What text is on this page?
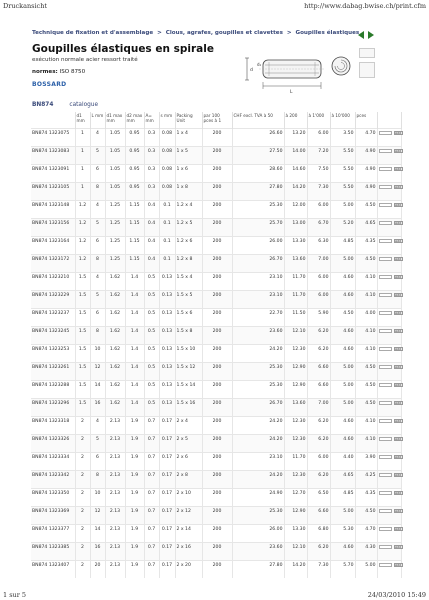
Druckansicht	http://www.dabag.bwise.ch/print.cfm
Technique de fixation et d'assemblage > Clous, agrafes, goupilles et clavettes > Goupilles élastiques
Goupilles élastiques en spirale
exécution normale acier ressort traité
normes: ISO 8750
BOSSARD
d
L
d₁
BN874	catalogue
	d1 mm	L mm	d1 max mm	d2 max mm	A= mm	s mm	Packing Unit	par 100 pces à 1	CHF excl. TVA à 50	à 200	à 1'000	à 10'000	pces	
BN874 1323075	1	4	1.05	0.95	0.3	0.08	1 x 4	200	26.60	13.20	6.00	3.50	4.70	Add
BN874 1323083	1	5	1.05	0.95	0.3	0.08	1 x 5	200	27.50	14.00	7.20	5.50	4.90	Add
BN874 1323091	1	6	1.05	0.95	0.3	0.08	1 x 6	200	28.60	14.60	7.50	5.50	4.90	Add
BN874 1323105	1	8	1.05	0.95	0.3	0.08	1 x 8	200	27.80	14.20	7.30	5.50	4.90	Add
BN874 1323148	1.2	4	1.25	1.15	0.4	0.1	1.2 x 4	200	25.30	12.00	6.00	5.00	4.50	Add
BN874 1323156	1.2	5	1.25	1.15	0.4	0.1	1.2 x 5	200	25.70	13.00	6.70	5.20	4.65	Add
BN874 1323164	1.2	6	1.25	1.15	0.4	0.1	1.2 x 6	200	26.00	13.30	6.30	4.85	4.35	Add
BN874 1323172	1.2	8	1.25	1.15	0.4	0.1	1.2 x 8	200	26.70	13.60	7.00	5.00	4.50	Add
BN874 1323210	1.5	4	1.62	1.4	0.5	0.13	1.5 x 4	200	23.10	11.70	6.00	4.60	4.10	Add
BN874 1323229	1.5	5	1.62	1.4	0.5	0.13	1.5 x 5	200	23.10	11.70	6.00	4.60	4.10	Add
BN874 1323237	1.5	6	1.62	1.4	0.5	0.13	1.5 x 6	200	22.70	11.50	5.90	4.50	4.00	Add
BN874 1323245	1.5	8	1.62	1.4	0.5	0.13	1.5 x 8	200	23.60	12.10	6.20	4.60	4.10	Add
BN874 1323253	1.5	10	1.62	1.4	0.5	0.13	1.5 x 10	200	24.20	12.30	6.20	4.60	4.10	Add
BN874 1323261	1.5	12	1.62	1.4	0.5	0.13	1.5 x 12	200	25.30	12.90	6.60	5.00	4.50	Add
BN874 1323288	1.5	14	1.62	1.4	0.5	0.13	1.5 x 14	200	25.30	12.90	6.60	5.00	4.50	Add
BN874 1323296	1.5	16	1.62	1.4	0.5	0.13	1.5 x 16	200	26.70	13.60	7.00	5.00	4.50	Add
BN874 1323318	2	4	2.13	1.9	0.7	0.17	2 x 4	200	24.20	12.30	6.20	4.60	4.10	Add
BN874 1323326	2	5	2.13	1.9	0.7	0.17	2 x 5	200	24.20	12.30	6.20	4.60	4.10	Add
BN874 1323334	2	6	2.13	1.9	0.7	0.17	2 x 6	200	23.10	11.70	6.00	4.40	3.90	Add
BN874 1323342	2	8	2.13	1.9	0.7	0.17	2 x 8	200	24.20	12.30	6.20	4.65	4.25	Add
BN874 1323350	2	10	2.13	1.9	0.7	0.17	2 x 10	200	24.90	12.70	6.50	4.85	4.35	Add
BN874 1323369	2	12	2.13	1.9	0.7	0.17	2 x 12	200	25.30	12.90	6.60	5.00	4.50	Add
BN874 1323377	2	14	2.13	1.9	0.7	0.17	2 x 14	200	26.00	13.30	6.80	5.30	4.70	Add
BN874 1323385	2	16	2.13	1.9	0.7	0.17	2 x 16	200	23.60	12.10	6.20	4.60	4.30	Add
BN874 1323407	2	20	2.13	1.9	0.7	0.17	2 x 20	200	27.80	14.20	7.30	5.70	5.00	Add
1 sur 5	24/03/2010 15:49
